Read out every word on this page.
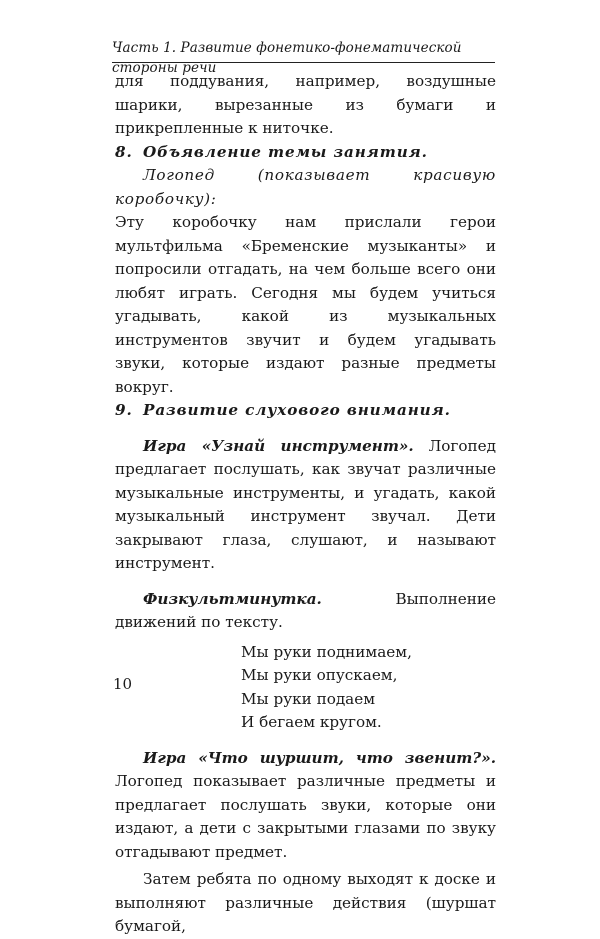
Часть 1. Развитие фонетико-фонематической стороны речи

для поддувания, например, воздушные шарики, вырезанные из бумаги и прикрепленные к ниточке.

8. Объявление темы занятия.

Логопед (показывает красивую коробочку):

Эту коробочку нам прислали герои мультфильма «Бременские музыканты» и попросили отгадать, на чем больше всего они любят играть. Сегодня мы будем учиться угадывать, какой из музыкальных инструментов звучит и будем угадывать звуки, которые издают разные предметы вокруг.

9. Развитие слухового внимания.

Игра «Узнай инструмент». Логопед предлагает послушать, как звучат различные музыкальные инструменты, и угадать, какой музыкальный инструмент звучал. Дети закрывают глаза, слушают, и называют инструмент.

Физкультминутка. Выполнение движений по тексту.

Мы руки поднимаем,
Мы руки опускаем,
Мы руки подаем
И бегаем кругом.

Игра «Что шуршит, что звенит?». Логопед показывает различные предметы и предлагает послушать звуки, которые они издают, а дети с закрытыми глазами по звуку отгадывают предмет.

Затем ребята по одному выходят к доске и выполняют различные действия (шуршат бумагой,

10
